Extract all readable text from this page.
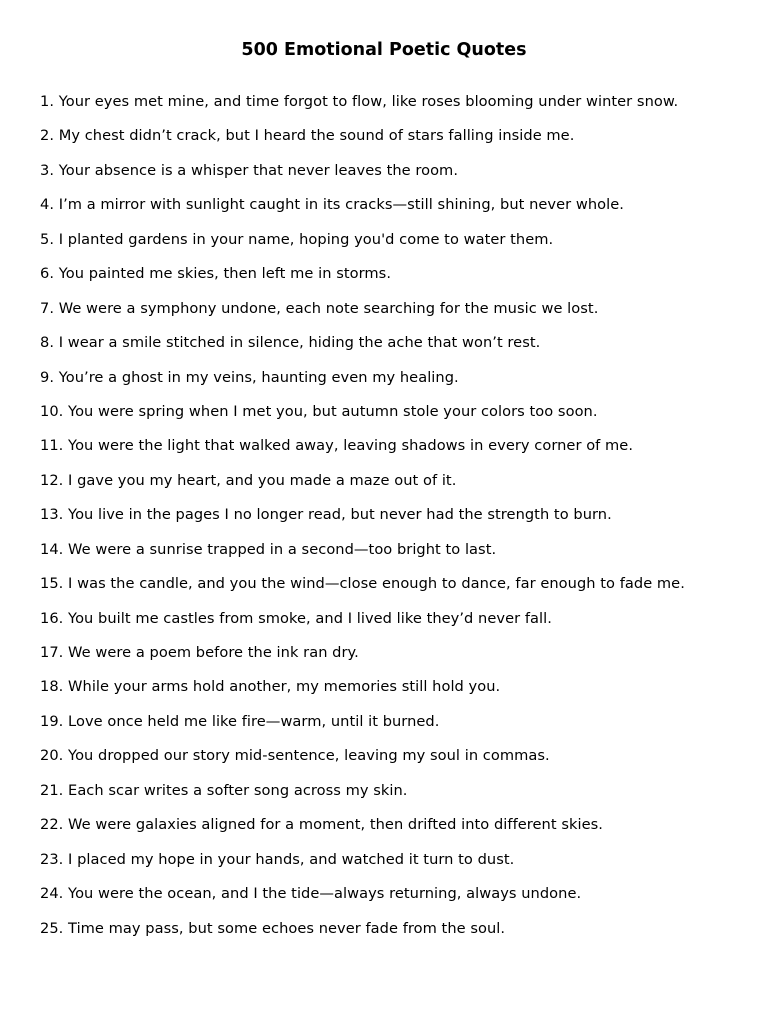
500 Emotional Poetic Quotes
1. Your eyes met mine, and time forgot to flow, like roses blooming under winter snow.
2. My chest didn’t crack, but I heard the sound of stars falling inside me.
3. Your absence is a whisper that never leaves the room.
4. I’m a mirror with sunlight caught in its cracks—still shining, but never whole.
5. I planted gardens in your name, hoping you'd come to water them.
6. You painted me skies, then left me in storms.
7. We were a symphony undone, each note searching for the music we lost.
8. I wear a smile stitched in silence, hiding the ache that won’t rest.
9. You’re a ghost in my veins, haunting even my healing.
10. You were spring when I met you, but autumn stole your colors too soon.
11. You were the light that walked away, leaving shadows in every corner of me.
12. I gave you my heart, and you made a maze out of it.
13. You live in the pages I no longer read, but never had the strength to burn.
14. We were a sunrise trapped in a second—too bright to last.
15. I was the candle, and you the wind—close enough to dance, far enough to fade me.
16. You built me castles from smoke, and I lived like they’d never fall.
17. We were a poem before the ink ran dry.
18. While your arms hold another, my memories still hold you.
19. Love once held me like fire—warm, until it burned.
20. You dropped our story mid-sentence, leaving my soul in commas.
21. Each scar writes a softer song across my skin.
22. We were galaxies aligned for a moment, then drifted into different skies.
23. I placed my hope in your hands, and watched it turn to dust.
24. You were the ocean, and I the tide—always returning, always undone.
25. Time may pass, but some echoes never fade from the soul.
